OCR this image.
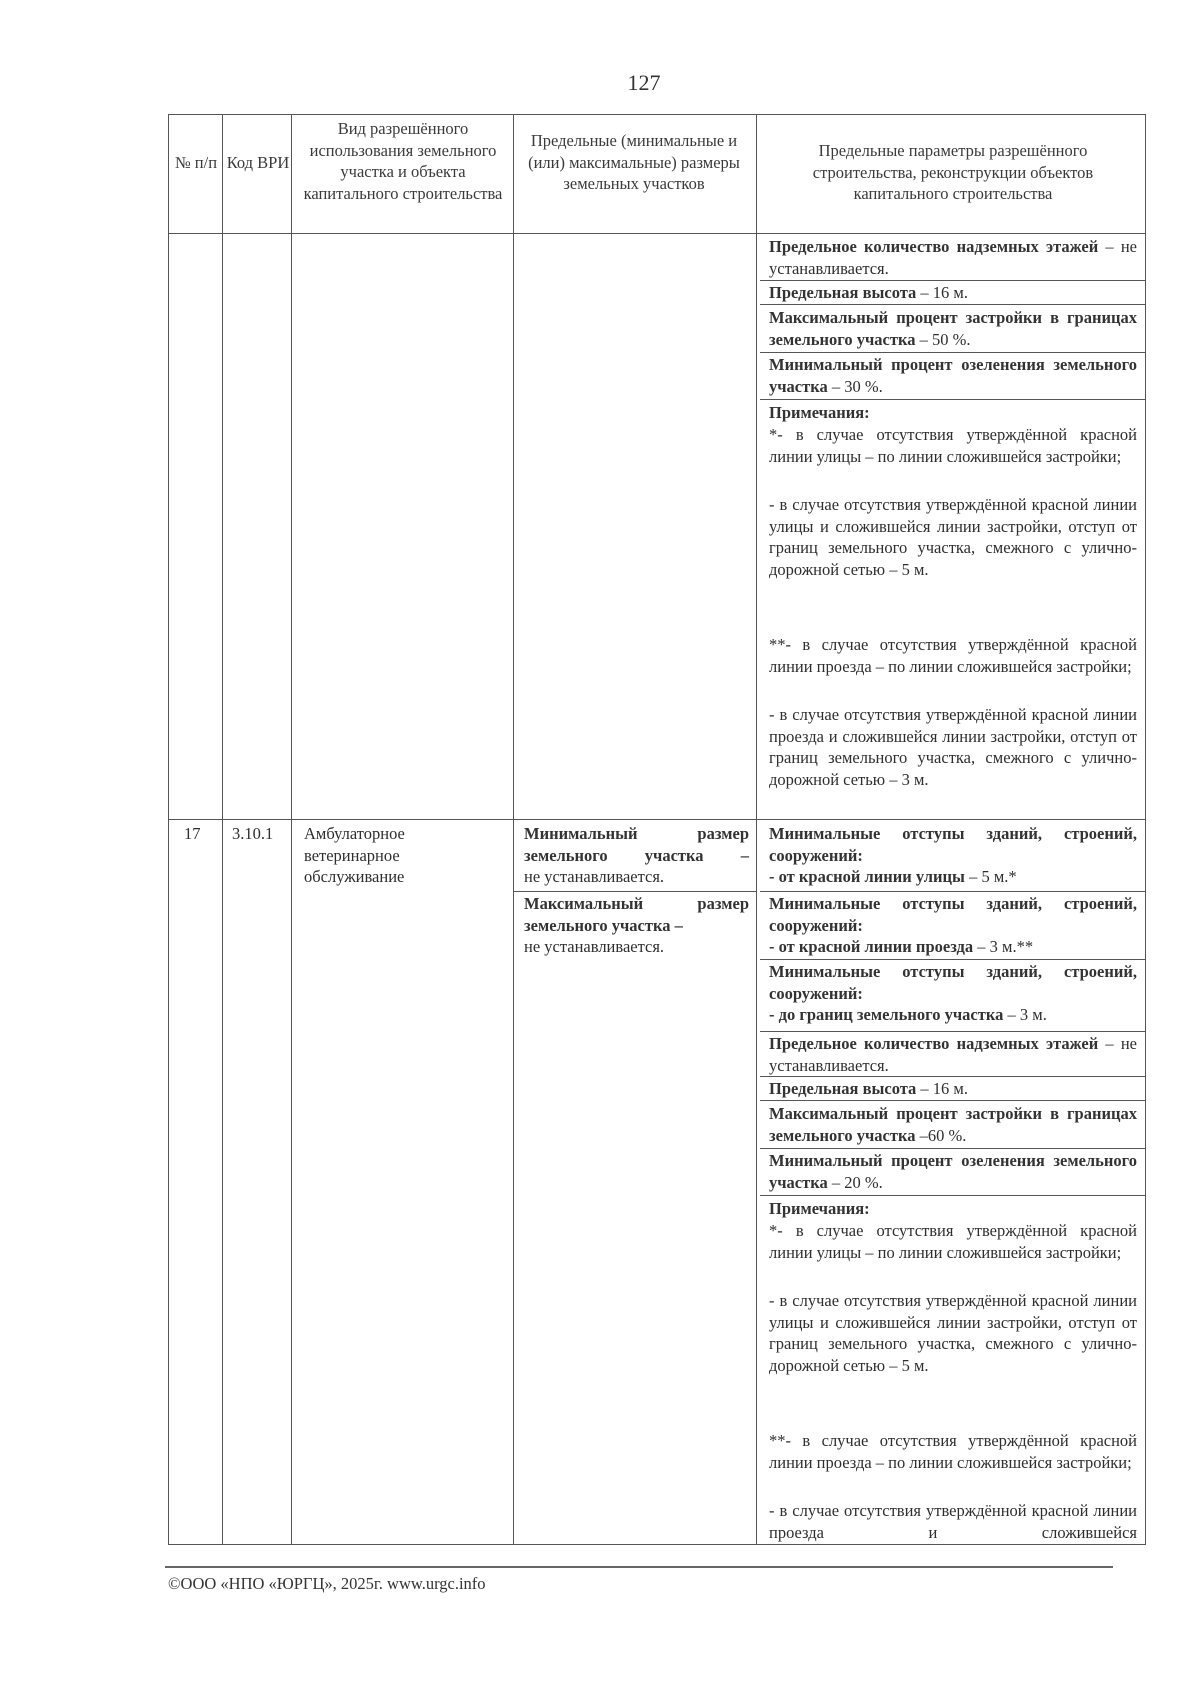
127
№ п/п Код ВРИ
Вид разрешённого использования земельного участка и объекта капитального строительства
Предельные (минимальные и (или) максимальные) размеры земельных участков
Предельные параметры разрешённого строительства, реконструкции объектов капитального строительства
Предельное количество надземных этажей – не устанавливается.
Предельная высота – 16 м.
Максимальный процент застройки в границах земельного участка – 50 %.
Минимальный процент озеленения земельного участка – 30 %.
Примечания:
*- в случае отсутствия утверждённой красной линии улицы – по линии сложившейся застройки;
- в случае отсутствия утверждённой красной линии улицы и сложившейся линии застройки, отступ от границ земельного участка, смежного с улично-дорожной сетью – 5 м.
**- в случае отсутствия утверждённой красной линии проезда – по линии сложившейся застройки;
- в случае отсутствия утверждённой красной линии проезда и сложившейся линии застройки, отступ от границ земельного участка, смежного с улично-дорожной сетью – 3 м.
17	3.10.1	Амбулаторное ветеринарное обслуживание
Минимальный размер земельного участка –
не устанавливается.
Максимальный размер земельного участка –
не устанавливается.
Минимальные отступы зданий, строений, сооружений:
- от красной линии улицы – 5 м.*
Минимальные отступы зданий, строений, сооружений:
- от красной линии проезда – 3 м.**
Минимальные отступы зданий, строений, сооружений:
- до границ земельного участка – 3 м.
Предельное количество надземных этажей – не устанавливается.
Предельная высота – 16 м.
Максимальный процент застройки в границах земельного участка –60 %.
Минимальный процент озеленения земельного участка – 20 %.
Примечания:
*- в случае отсутствия утверждённой красной линии улицы – по линии сложившейся застройки;
- в случае отсутствия утверждённой красной линии улицы и сложившейся линии застройки, отступ от границ земельного участка, смежного с улично-дорожной сетью – 5 м.
**- в случае отсутствия утверждённой красной линии проезда – по линии сложившейся застройки;
- в случае отсутствия утверждённой красной линии проезда и сложившейся
©ООО «НПО «ЮРГЦ», 2025г. www.urgc.info
